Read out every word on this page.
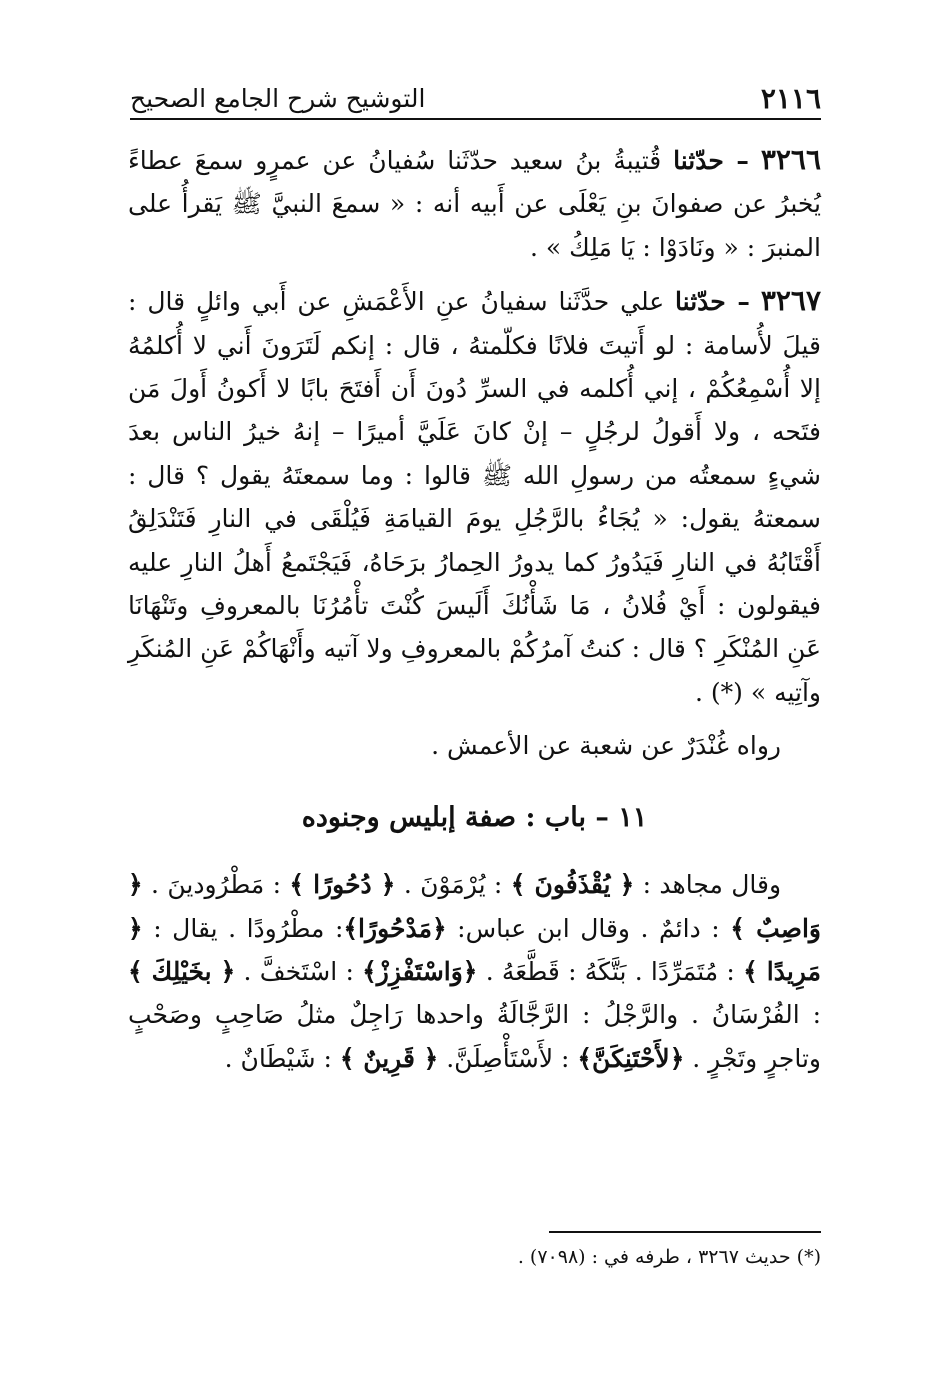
٢١١٦
التوشيح شرح الجامع الصحيح

٣٢٦٦ – حدّثنا قُتيبةُ بنُ سعيد حدّثَنا سُفيانُ عن عمرٍو سمعَ عطاءً يُخبرُ عن صفوانَ بنِ يَعْلَى عن أَبيه أنه : « سمعَ النبيَّ ﷺ يَقرأُ على المنبرَ : « ونَادَوْا : يَا مَلِكُ » .

٣٢٦٧ – حدّثنا علي حدَّثَنا سفيانُ عنِ الأَعْمَشِ عن أَبي وائلٍ قال : قيلَ لأُسامة : لو أَتيتَ فلانًا فكلّمتهُ ، قال : إنكم لَتَرَونَ أَني لا أُكلمُهُ إلا أُسْمِعُكُمْ ، إني أُكلمه في السرِّ دُونَ أَن أَفتَحَ بابًا لا أَكونُ أَولَ مَن فتَحه ، ولا أَقولُ لرجُلٍ – إنْ كانَ عَلَيَّ أميرًا – إنهُ خيرُ الناس بعدَ شيءٍ سمعتُه من رسولِ الله ﷺ قالوا : وما سمعتَهُ يقول ؟ قال : سمعتهُ يقول: « يُجَاءُ بالرَّجُلِ يومَ القيامَةِ فَيُلْقَى في النارِ فَتَنْدَلِقُ أَقْتَابُهُ في النارِ فَيَدُورُ كما يدورُ الحِمارُ برَحَاهُ، فَيَجْتَمعُ أَهلُ النارِ عليه فيقولون : أَيْ فُلانُ ، مَا شَأْنُكَ أَلَيسَ كُنْتَ تأْمُرُنَا بالمعروفِ وتَنْهَانَا عَنِ المُنْكَرِ ؟ قال : كنتُ آمرُكُمْ بالمعروفِ ولا آتيه وأَنْهَاكُمْ عَنِ المُنكَرِ وآتِيه » (*) .

رواه غُنْدَرٌ عن شعبة عن الأعمش .

١١ – باب : صفة إبليس وجنوده

وقال مجاهد : ﴿ يُقْذَفُونَ ﴾ : يُرْمَوْنَ . ﴿ دُحُورًا ﴾ : مَطْرُودينَ . ﴿ وَاصِبٌ ﴾ : دائمٌ . وقال ابن عباس: ﴿مَدْحُورًا﴾: مطْرُودًا . يقال : ﴿ مَرِيدًا ﴾ : مُتَمَرِّدًا . بَتَّكَهُ : قَطَّعَهُ . ﴿وَاسْتَفْزِزْ﴾ : اسْتَخفَّ . ﴿ بخَيْلِكَ ﴾ : الفُرْسَانُ . والرَّجْلُ : الرَّجَّالَةُ واحدها رَاجِلٌ مثلُ صَاحِبٍ وصَحْبٍ وتاجرٍ وتَجْرٍ . ﴿لأَحْتَنِكَنَّ﴾ : لأَسْتَأْصِلَنَّ. ﴿ قَرِينٌ ﴾ : شَيْطَانٌ .

(*) حديث ٣٢٦٧ ، طرفه في : (٧٠٩٨) .
